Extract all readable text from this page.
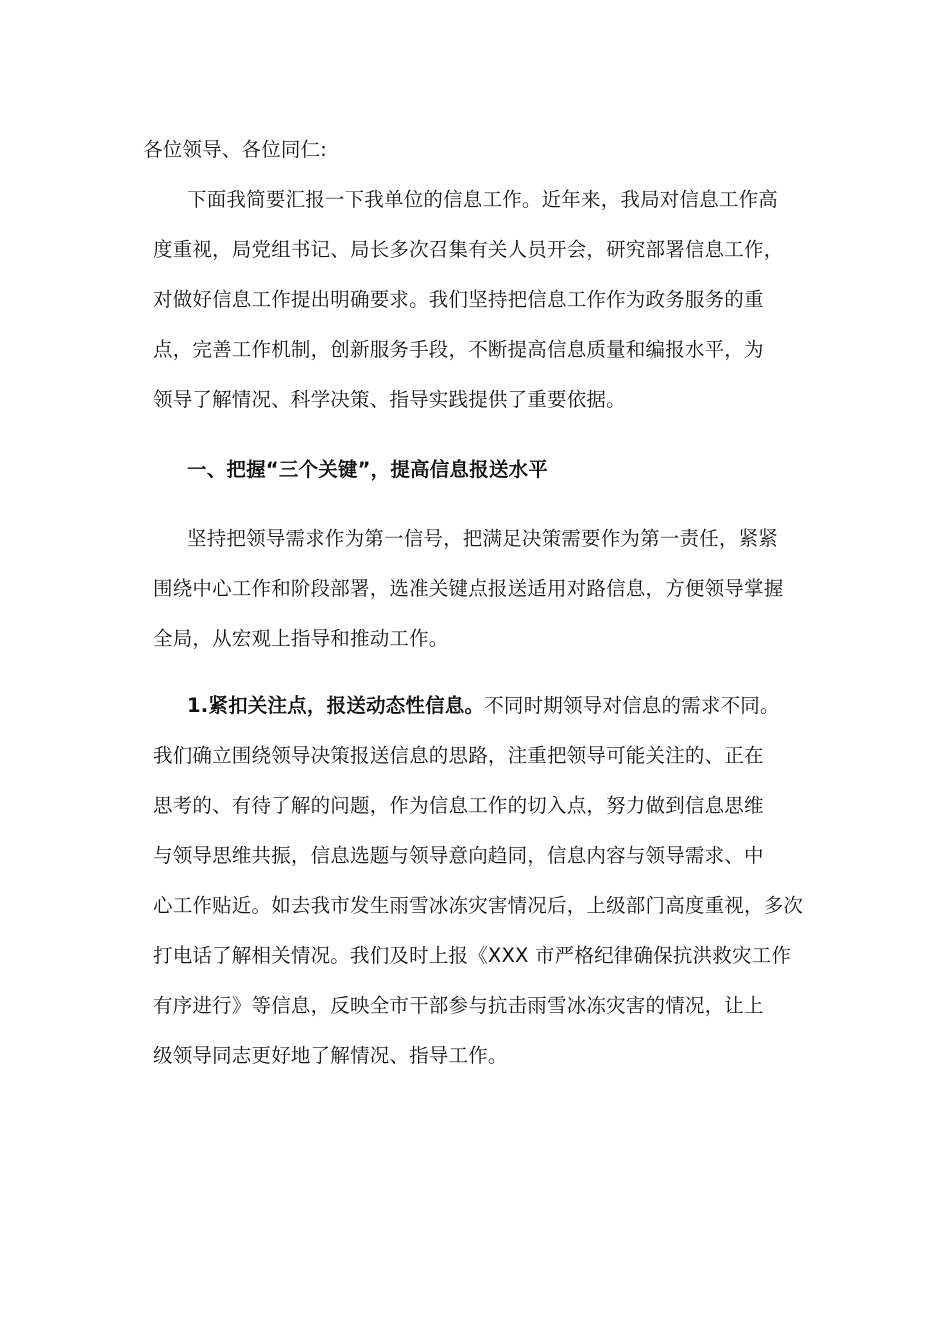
各位领导、各位同仁:
下面我简要汇报一下我单位的信息工作。近年来，我局对信息工作高
度重视，局党组书记、局长多次召集有关人员开会，研究部署信息工作，
对做好信息工作提出明确要求。我们坚持把信息工作作为政务服务的重
点，完善工作机制，创新服务手段，不断提高信息质量和编报水平，为
领导了解情况、科学决策、指导实践提供了重要依据。
一、把握“三个关键”，提高信息报送水平
坚持把领导需求作为第一信号，把满足决策需要作为第一责任，紧紧
围绕中心工作和阶段部署，选准关键点报送适用对路信息，方便领导掌握
全局，从宏观上指导和推动工作。
1.紧扣关注点，报送动态性信息。不同时期领导对信息的需求不同。
我们确立围绕领导决策报送信息的思路，注重把领导可能关注的、正在
思考的、有待了解的问题，作为信息工作的切入点，努力做到信息思维
与领导思维共振，信息选题与领导意向趋同，信息内容与领导需求、中
心工作贴近。如去我市发生雨雪冰冻灾害情况后，上级部门高度重视，多次
打电话了解相关情况。我们及时上报《XXX 市严格纪律确保抗洪救灾工作
有序进行》等信息，反映全市干部参与抗击雨雪冰冻灾害的情况，让上
级领导同志更好地了解情况、指导工作。
